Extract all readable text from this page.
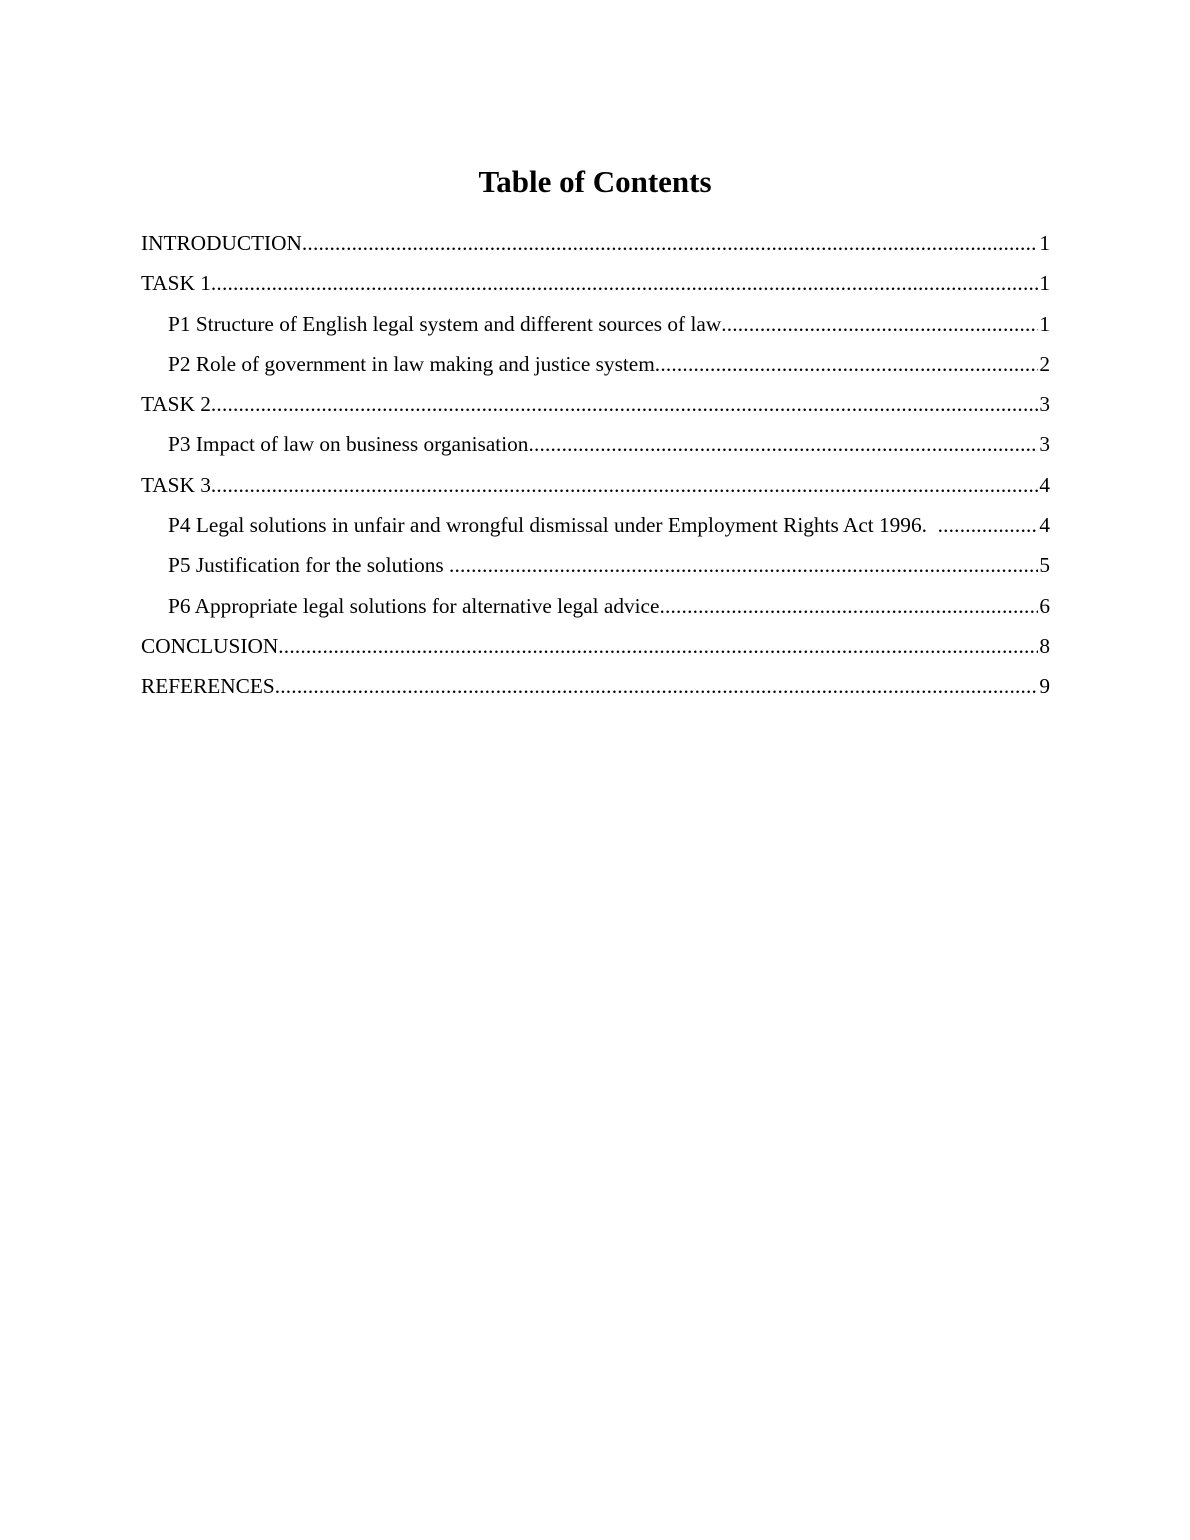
Table of Contents
INTRODUCTION .....	1
TASK 1 .....	1
P1 Structure of English legal system and different sources of law .....	1
P2 Role of government in law making and justice system .....	2
TASK 2 .....	3
P3 Impact of law on business organisation .....	3
TASK 3 .....	4
P4 Legal solutions in unfair and wrongful dismissal under Employment Rights Act 1996. .....	4
P5 Justification for the solutions .....	5
P6 Appropriate legal solutions for alternative legal advice .....	6
CONCLUSION .....	8
REFERENCES .....	9
